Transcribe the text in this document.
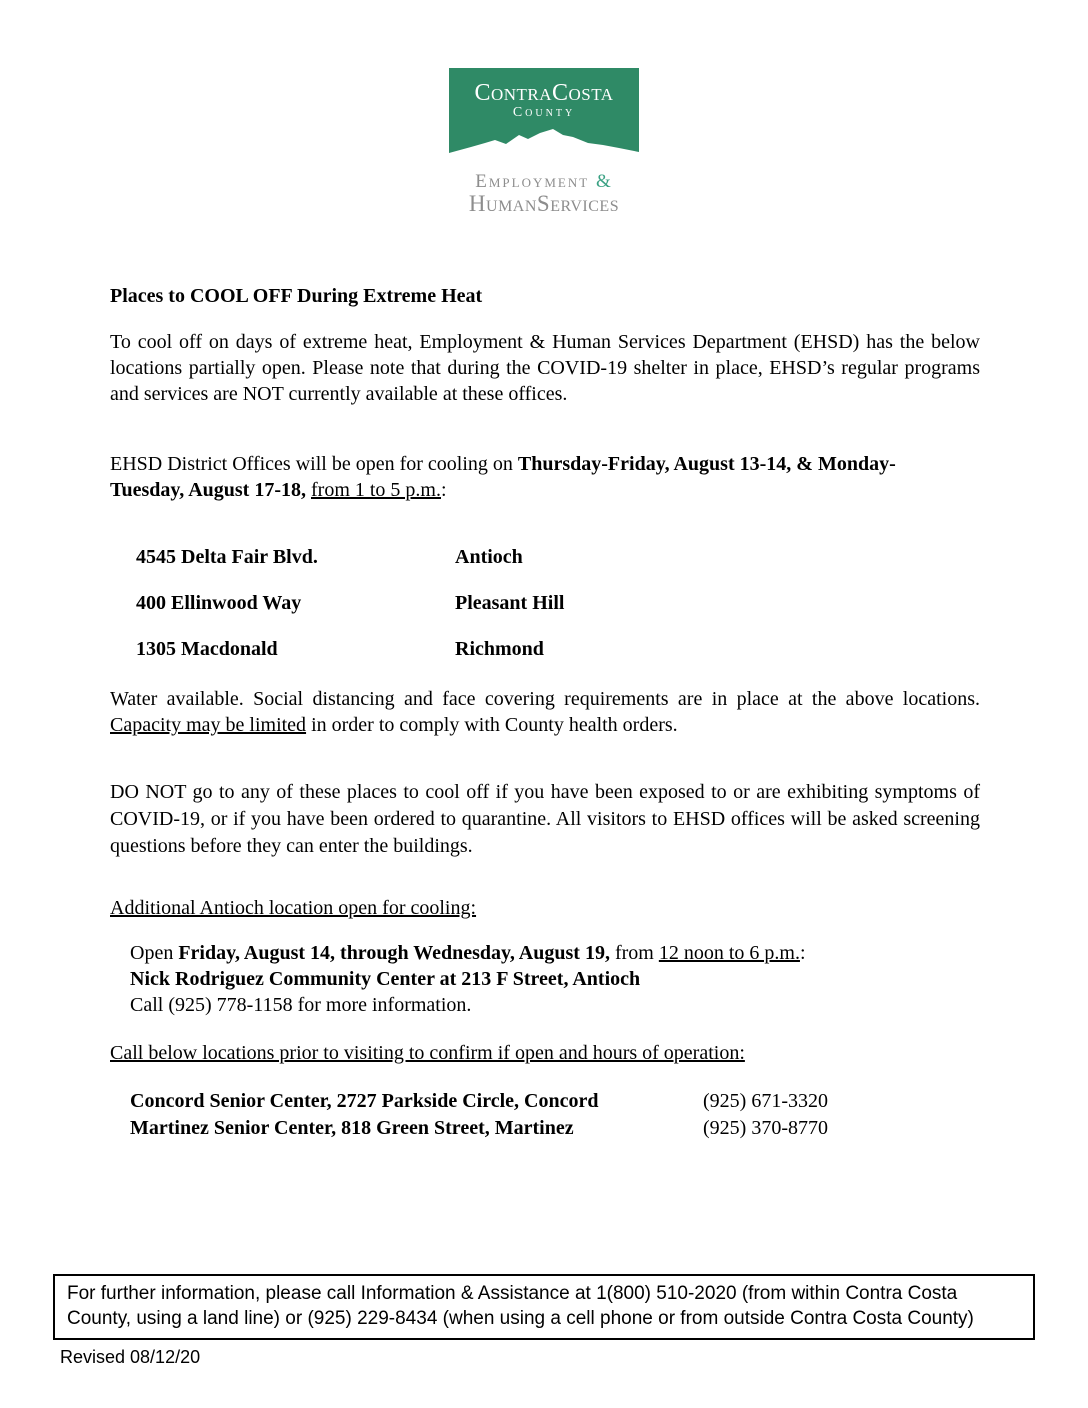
ContraCosta
County
Employment &
HumanServices

Places to COOL OFF During Extreme Heat

To cool off on days of extreme heat, Employment & Human Services Department (EHSD) has the below locations partially open. Please note that during the COVID-19 shelter in place, EHSD’s regular programs and services are NOT currently available at these offices.

EHSD District Offices will be open for cooling on Thursday-Friday, August 13-14, & Monday-Tuesday, August 17-18, from 1 to 5 p.m.:

4545 Delta Fair Blvd.	Antioch
400 Ellinwood Way	Pleasant Hill
1305 Macdonald	Richmond

Water available. Social distancing and face covering requirements are in place at the above locations. Capacity may be limited in order to comply with County health orders.

DO NOT go to any of these places to cool off if you have been exposed to or are exhibiting symptoms of COVID-19, or if you have been ordered to quarantine. All visitors to EHSD offices will be asked screening questions before they can enter the buildings.

Additional Antioch location open for cooling:

Open Friday, August 14, through Wednesday, August 19, from 12 noon to 6 p.m.:

Nick Rodriguez Community Center at 213 F Street, Antioch

Call (925) 778-1158 for more information.

Call below locations prior to visiting to confirm if open and hours of operation:

Concord Senior Center, 2727 Parkside Circle, Concord	(925) 671-3320
Martinez Senior Center, 818 Green Street, Martinez	(925) 370-8770
For further information, please call Information & Assistance at 1(800) 510-2020 (from within Contra Costa County, using a land line) or (925) 229-8434 (when using a cell phone or from outside Contra Costa County)
Revised 08/12/20
